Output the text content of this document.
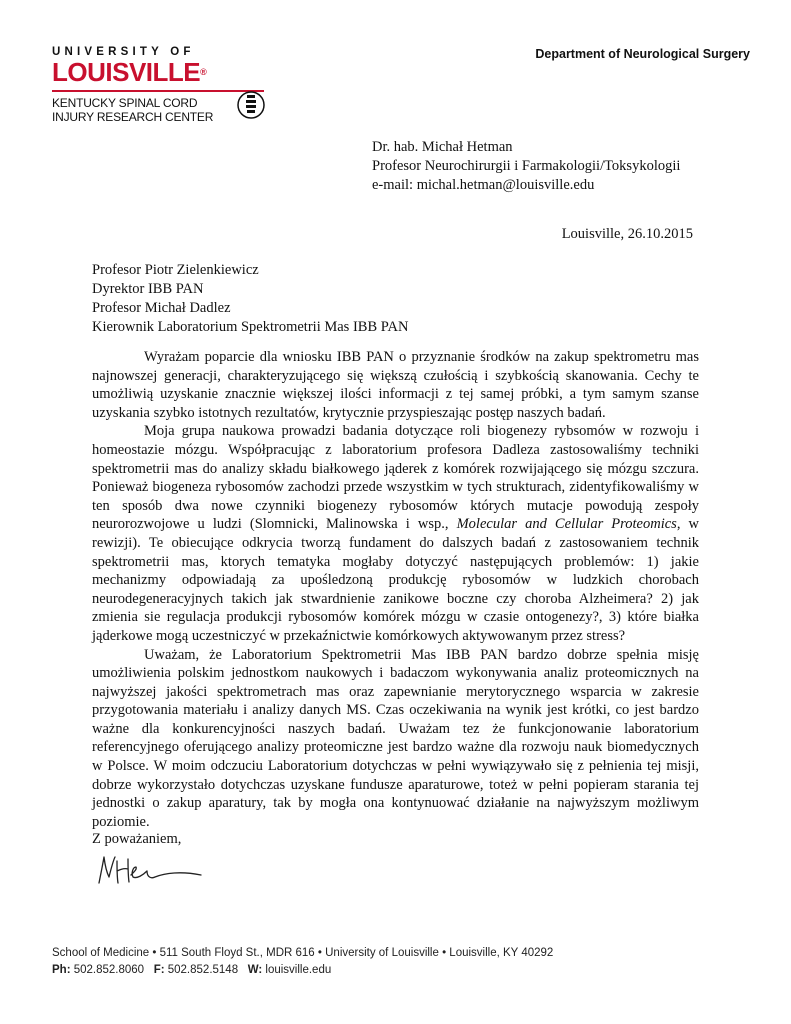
UNIVERSITY OF
LOUISVILLE®
KENTUCKY SPINAL CORD
INJURY RESEARCH CENTER
Department of Neurological Surgery
Dr. hab. Michał Hetman
Profesor Neurochirurgii i Farmakologii/Toksykologii
e-mail: michal.hetman@louisville.edu
Louisville, 26.10.2015
Profesor Piotr Zielenkiewicz
Dyrektor IBB PAN
Profesor Michał Dadlez
Kierownik Laboratorium Spektrometrii Mas IBB PAN

Wyrażam poparcie dla wniosku IBB PAN o przyznanie środków na zakup spektrometru mas najnowszej generacji, charakteryzującego się większą czułością i szybkością skanowania. Cechy te umożliwią uzyskanie znacznie większej ilości informacji z tej samej próbki, a tym samym szanse uzyskania szybko istotnych rezultatów, krytycznie przyspieszając postęp naszych badań.

Moja grupa naukowa prowadzi badania dotyczące roli biogenezy rybsomów w rozwoju i homeostazie mózgu. Współpracując z laboratorium profesora Dadleza zastosowaliśmy techniki spektrometrii mas do analizy składu białkowego jąderek z komórek rozwijającego się mózgu szczura. Ponieważ biogeneza rybosomów zachodzi przede wszystkim w tych strukturach, zidentyfikowaliśmy w ten sposób dwa nowe czynniki biogenezy rybosomów których mutacje powodują zespoły neurorozwojowe u ludzi (Slomnicki, Malinowska i wsp., Molecular and Cellular Proteomics, w rewizji). Te obiecujące odkrycia tworzą fundament do dalszych badań z zastosowaniem technik spektrometrii mas, ktorych tematyka mogłaby dotyczyć następujących problemów: 1) jakie mechanizmy odpowiadają za upośledzoną produkcję rybosomów w ludzkich chorobach neurodegeneracyjnych takich jak stwardnienie zanikowe boczne czy choroba Alzheimera? 2) jak zmienia sie regulacja produkcji rybosomów komórek mózgu w czasie ontogenezy?, 3) które białka jąderkowe mogą uczestniczyć w przekaźnictwie komórkowych aktywowanym przez stress?

Uważam, że Laboratorium Spektrometrii Mas IBB PAN bardzo dobrze spełnia misję umożliwienia polskim jednostkom naukowych i badaczom wykonywania analiz proteomicznych na najwyższej jakości spektrometrach mas oraz zapewnianie merytorycznego wsparcia w zakresie przygotowania materiału i analizy danych MS. Czas oczekiwania na wynik jest krótki, co jest bardzo ważne dla konkurencyjności naszych badań. Uważam tez że funkcjonowanie laboratorium referencyjnego oferującego analizy proteomiczne jest bardzo ważne dla rozwoju nauk biomedycznych w Polsce. W moim odczuciu Laboratorium dotychczas w pełni wywiązywało się z pełnienia tej misji, dobrze wykorzystało dotychczas uzyskane fundusze aparaturowe, toteż w pełni popieram starania tej jednostki o zakup aparatury, tak by mogła ona kontynuować działanie na najwyższym możliwym poziomie.

Z poważaniem,
School of Medicine • 511 South Floyd St., MDR 616 • University of Louisville • Louisville, KY 40292
Ph: 502.852.8060 F: 502.852.5148 W: louisville.edu
